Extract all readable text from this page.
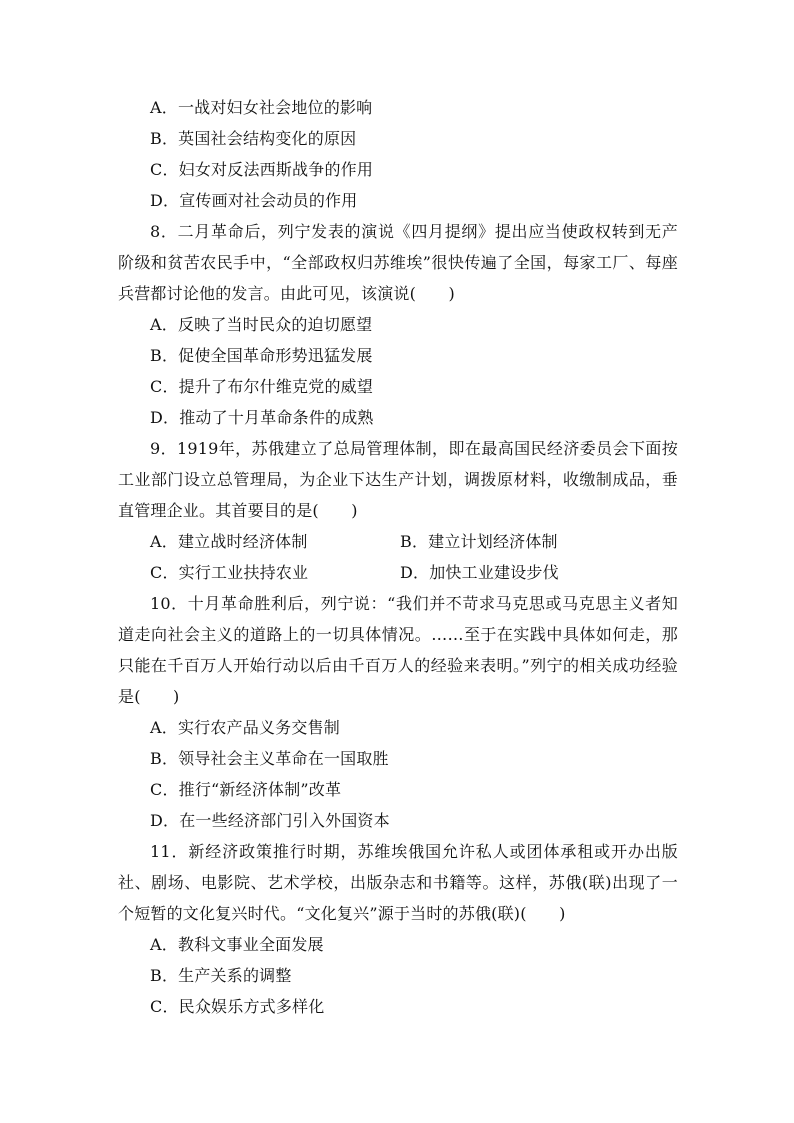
A．一战对妇女社会地位的影响
B．英国社会结构变化的原因
C．妇女对反法西斯战争的作用
D．宣传画对社会动员的作用
8．二月革命后，列宁发表的演说《四月提纲》提出应当使政权转到无产阶级和贫苦农民手中，“全部政权归苏维埃”很快传遍了全国，每家工厂、每座兵营都讨论他的发言。由此可见，该演说(　　)
A．反映了当时民众的迫切愿望
B．促使全国革命形势迅猛发展
C．提升了布尔什维克党的威望
D．推动了十月革命条件的成熟
9．1919年，苏俄建立了总局管理体制，即在最高国民经济委员会下面按工业部门设立总管理局，为企业下达生产计划，调拨原材料，收缴制成品，垂直管理企业。其首要目的是(　　)
A．建立战时经济体制	B．建立计划经济体制
C．实行工业扶持农业	D．加快工业建设步伐
10．十月革命胜利后，列宁说：“我们并不苛求马克思或马克思主义者知道走向社会主义的道路上的一切具体情况。……至于在实践中具体如何走，那只能在千百万人开始行动以后由千百万人的经验来表明。”列宁的相关成功经验是(　　)
A．实行农产品义务交售制
B．领导社会主义革命在一国取胜
C．推行“新经济体制”改革
D．在一些经济部门引入外国资本
11．新经济政策推行时期，苏维埃俄国允许私人或团体承租或开办出版社、剧场、电影院、艺术学校，出版杂志和书籍等。这样，苏俄(联)出现了一个短暂的文化复兴时代。“文化复兴”源于当时的苏俄(联)(　　)
A．教科文事业全面发展
B．生产关系的调整
C．民众娱乐方式多样化
